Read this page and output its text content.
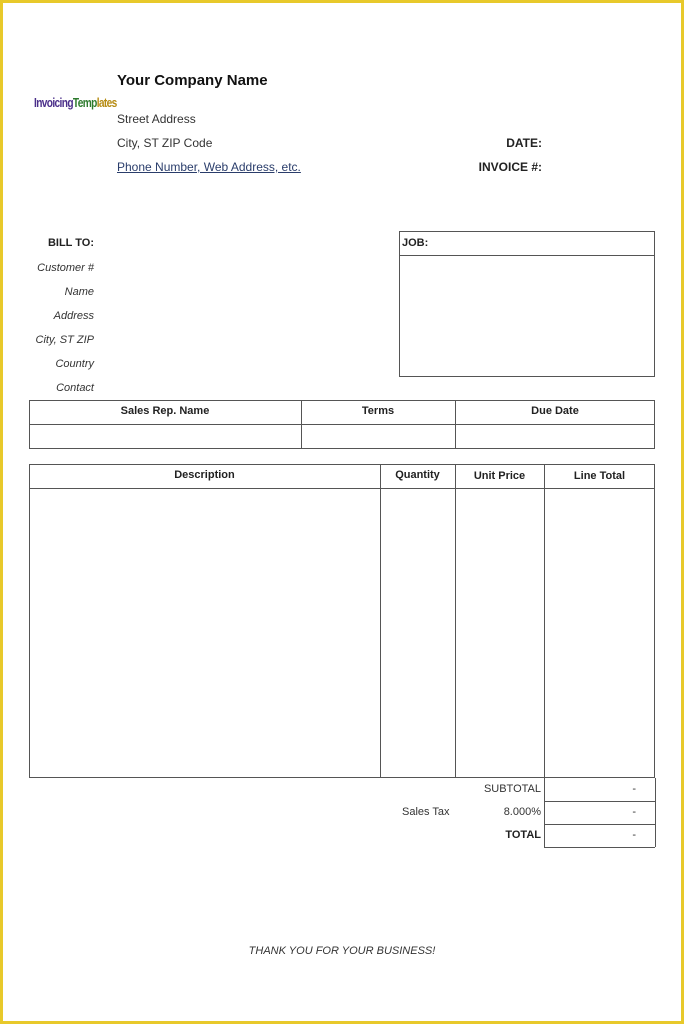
InvoicingTemplates
Your Company Name
Street Address
City, ST ZIP Code
Phone Number, Web Address, etc.
DATE:
INVOICE #:
BILL TO:
Customer #
Name
Address
City, ST ZIP
Country
Contact
JOB:
Sales Rep. Name	Terms	Due Date
Description	Quantity	Unit Price	Line Total
SUBTOTAL	-
Sales Tax	8.000%	-
TOTAL	-
THANK YOU FOR YOUR BUSINESS!
